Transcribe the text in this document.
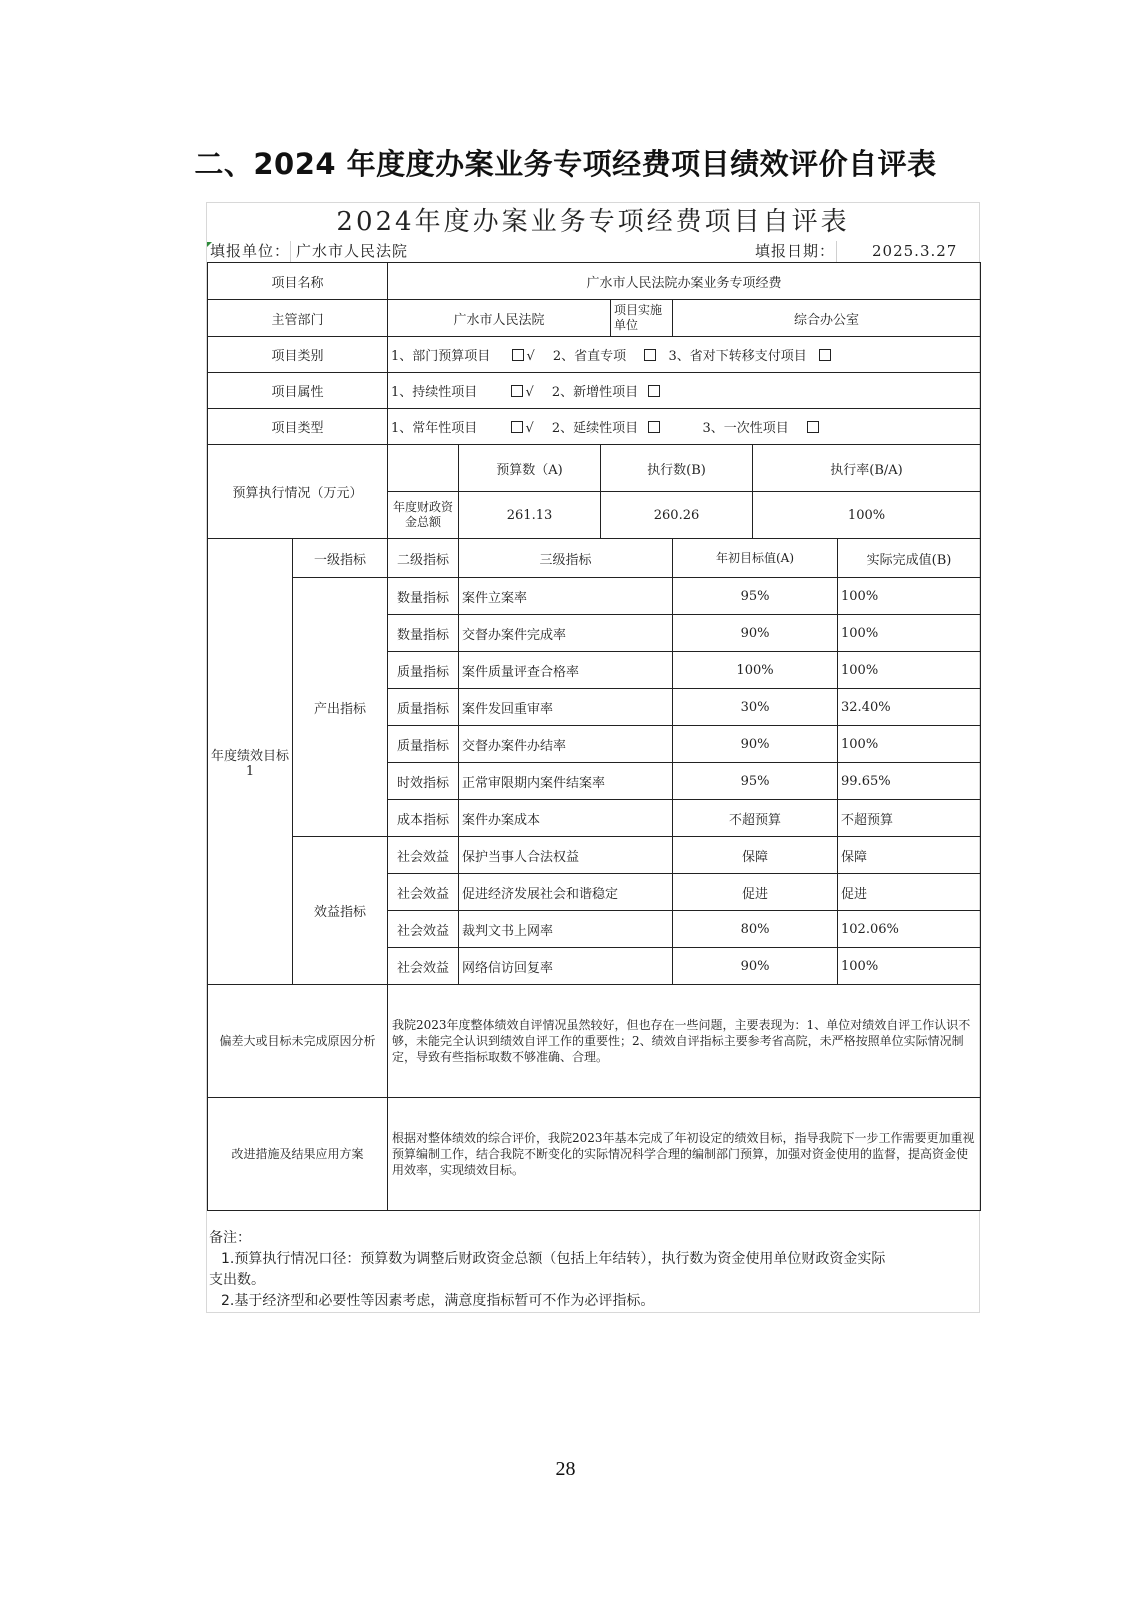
二、2024 年度度办案业务专项经费项目绩效评价自评表
2024年度办案业务专项经费项目自评表
填报单位： 广水市人民法院	填报日期： 2025.3.27
项目名称		广水市人民法院办案业务专项经费						
主管部门		广水市人民法院			项目实施单位	综合办公室		
项目类别		1、部门预算项目 √ 2、省直专项 3、省对下转移支付项目						
项目属性		1、持续性项目 √ 2、新增性项目						
项目类型		1、常年性项目 √ 2、延续性项目 3、一次性项目						
预算执行情况（万元）			预算数（A)	执行数(B)			执行率(B/A)	
		年度财政资金总额	261.13	260.26			100%	
年度绩效目标1	一级指标	二级指标	三级指标			年初目标值(A)		实际完成值(B)
	产出指标	数量指标	案件立案率			95%		100%
		数量指标	交督办案件完成率			90%		100%
		质量指标	案件质量评查合格率			100%		100%
		质量指标	案件发回重审率			30%		32.40%
		质量指标	交督办案件办结率			90%		100%
		时效指标	正常审限期内案件结案率			95%		99.65%
		成本指标	案件办案成本			不超预算		不超预算
	效益指标	社会效益	保护当事人合法权益			保障		保障
		社会效益	促进经济发展社会和谐稳定			促进		促进
		社会效益	裁判文书上网率			80%		102.06%
		社会效益	网络信访回复率			90%		100%
偏差大或目标未完成原因分析		我院2023年度整体绩效自评情况虽然较好，但也存在一些问题，主要表现为：1、单位对绩效自评工作认识不够，未能完全认识到绩效自评工作的重要性；2、绩效自评指标主要参考省高院，未严格按照单位实际情况制定，导致有些指标取数不够准确、合理。						
改进措施及结果应用方案		根据对整体绩效的综合评价，我院2023年基本完成了年初设定的绩效目标，指导我院下一步工作需要更加重视预算编制工作，结合我院不断变化的实际情况科学合理的编制部门预算，加强对资金使用的监督，提高资金使用效率，实现绩效目标。						
备注：
1.预算执行情况口径：预算数为调整后财政资金总额（包括上年结转），执行数为资金使用单位财政资金实际
支出数。
2.基于经济型和必要性等因素考虑，满意度指标暂可不作为必评指标。
28
